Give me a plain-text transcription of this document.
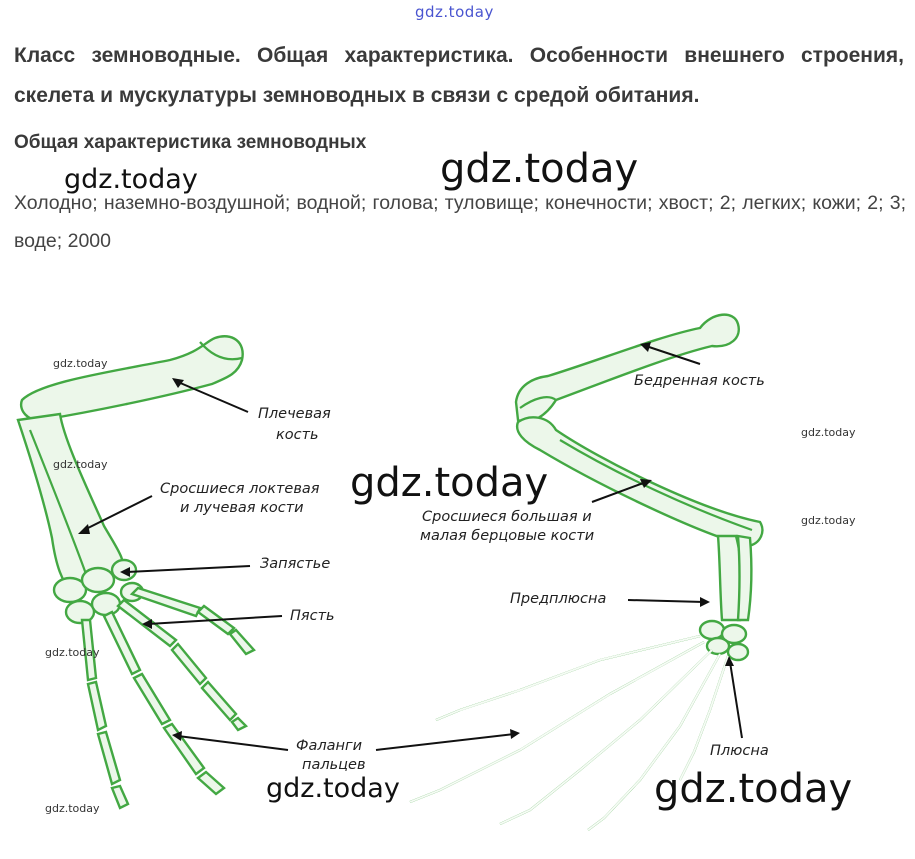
gdz.today
Класс земноводные. Общая характеристика. Особенности внешнего строения, скелета и мускулатуры земноводных в связи с средой обитания.
Общая характеристика земноводных
Холодно; наземно-воздушной; водной; голова; туловище; конечности; хвост; 2; легких; кожи; 2; 3; воде; 2000
gdz.today
gdz.today
Плечевая
кость
Сросшиеся локтевая
и лучевая кости
Запястье
Пясть
Фаланги
пальцев
Бедренная кость
Сросшиеся большая и
малая берцовые кости
Предплюсна
Плюсна
gdz.today
gdz.today
gdz.today
gdz.today
gdz.today
gdz.today
gdz.today
gdz.today
gdz.today
